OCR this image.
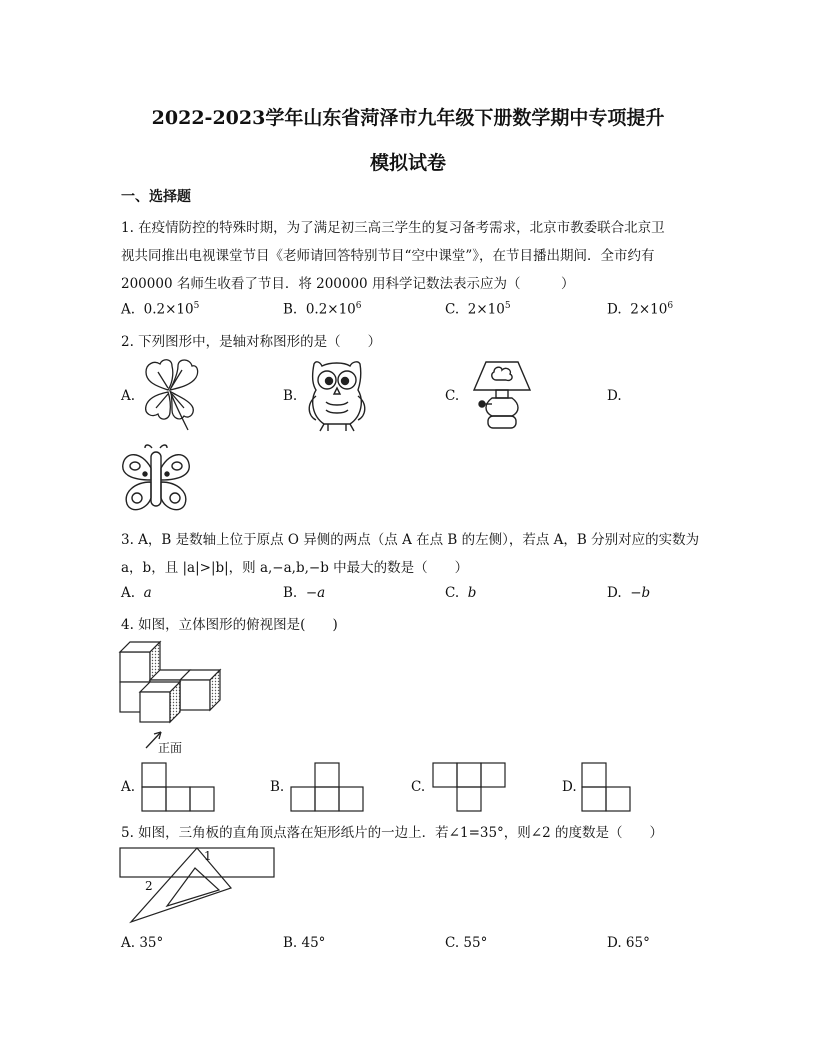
2022-2023学年山东省菏泽市九年级下册数学期中专项提升
模拟试卷
一、选择题
1. 在疫情防控的特殊时期，为了满足初三高三学生的复习备考需求，北京市教委联合北京卫
视共同推出电视课堂节目《老师请回答特别节目“空中课堂”》，在节目播出期间．全市约有
200000 名师生收看了节目．将 200000 用科学记数法表示应为（　　　）
A. $0.2\times 10^5$	B. $0.2\times 10^6$	C. $2\times 10^5$	D. $2\times 10^6$
2. 下列图形中，是轴对称图形的是（　　）
A.	B.	C.	D.
3. A，B 是数轴上位于原点 O 异侧的两点（点 A 在点 B 的左侧），若点 A，B 分别对应的实数为
a，b，且 |a|>|b|，则 a,−a,b,−b 中最大的数是（　　）
A. a	B. −a	C. b	D. −b
4. 如图，立体图形的俯视图是(　　)
正面
A.	B.	C.	D.
5. 如图，三角板的直角顶点落在矩形纸片的一边上．若∠1=35°，则∠2 的度数是（　　）
1
2
A. 35°	B. 45°	C. 55°	D. 65°
